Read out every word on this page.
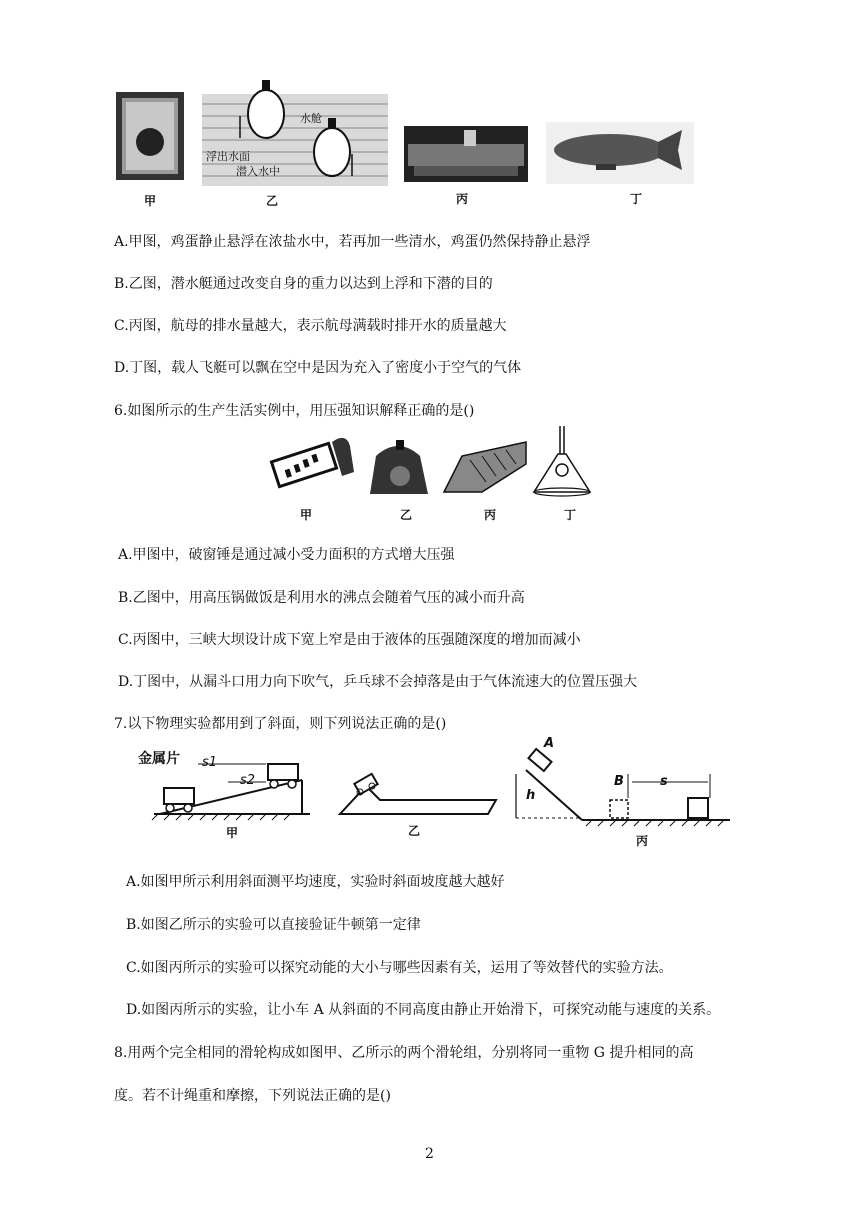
甲
水舱
浮出水面
潜入水中
乙	丙	丁
A.甲图，鸡蛋静止悬浮在浓盐水中，若再加一些清水，鸡蛋仍然保持静止悬浮
B.乙图，潜水艇通过改变自身的重力以达到上浮和下潜的目的
C.丙图，航母的排水量越大，表示航母满载时排开水的质量越大
D.丁图，载人飞艇可以飘在空中是因为充入了密度小于空气的气体
6.如图所示的生产生活实例中，用压强知识解释正确的是()
甲	乙	丙	丁
A.甲图中，破窗锤是通过减小受力面积的方式增大压强
B.乙图中，用高压锅做饭是利用水的沸点会随着气压的减小而升高
C.丙图中，三峡大坝设计成下宽上窄是由于液体的压强随深度的增加而减小
D.丁图中，从漏斗口用力向下吹气，乒乓球不会掉落是由于气体流速大的位置压强大
7.以下物理实验都用到了斜面，则下列说法正确的是()
金属片 s1
s2
甲	乙
A
h
B	s
丙
A.如图甲所示利用斜面测平均速度，实验时斜面坡度越大越好
B.如图乙所示的实验可以直接验证牛顿第一定律
C.如图丙所示的实验可以探究动能的大小与哪些因素有关，运用了等效替代的实验方法。
D.如图丙所示的实验，让小车 A 从斜面的不同高度由静止开始滑下，可探究动能与速度的关系。
8.用两个完全相同的滑轮构成如图甲、乙所示的两个滑轮组，分别将同一重物 G 提升相同的高
度。若不计绳重和摩擦，下列说法正确的是()
2
